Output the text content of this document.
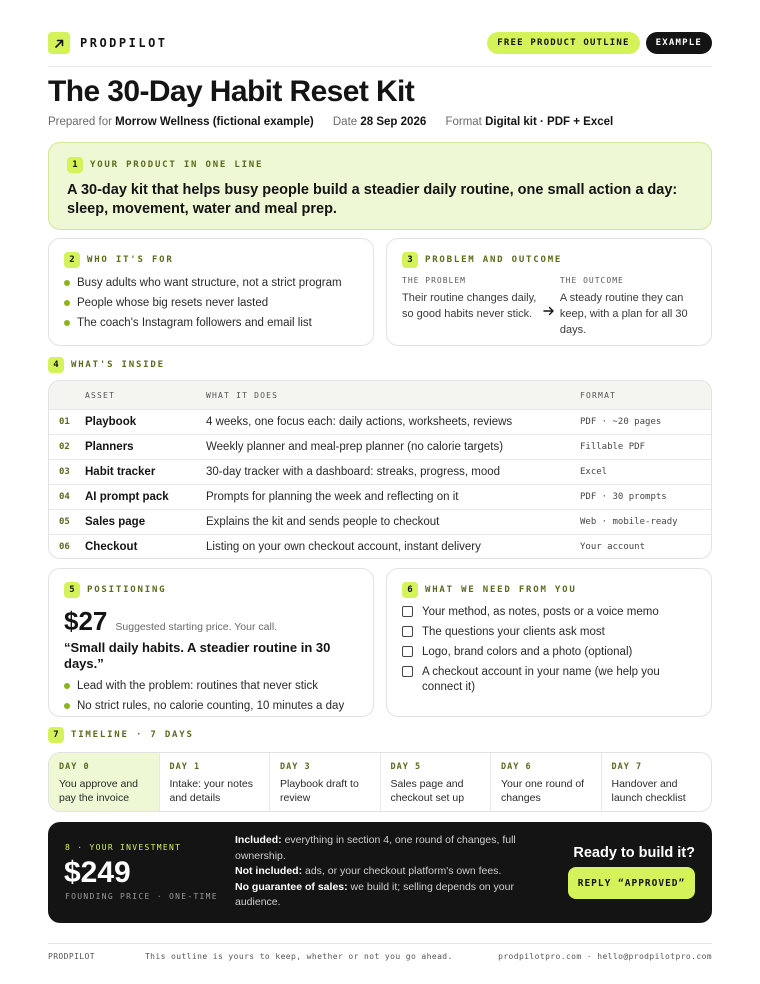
PRODPILOT	FREE PRODUCT OUTLINE	EXAMPLE
The 30-Day Habit Reset Kit
Prepared for Morrow Wellness (fictional example) Date 28 Sep 2026 Format Digital kit · PDF + Excel
1	YOUR PRODUCT IN ONE LINE

A 30-day kit that helps busy people build a steadier daily routine, one small action a day: sleep, movement, water and meal prep.

2	WHO IT'S FOR
Busy adults who want structure, not a strict program
People whose big resets never lasted
The coach's Instagram followers and email list
3	PROBLEM AND OUTCOME
THE PROBLEM
Their routine changes daily, so good habits never stick.
THE OUTCOME
A steady routine they can keep, with a plan for all 30 days.
4	WHAT'S INSIDE
ASSET	WHAT IT DOES	FORMAT
01	Playbook	4 weeks, one focus each: daily actions, worksheets, reviews	PDF · ~20 pages
02	Planners	Weekly planner and meal-prep planner (no calorie targets)	Fillable PDF
03	Habit tracker	30-day tracker with a dashboard: streaks, progress, mood	Excel
04	AI prompt pack	Prompts for planning the week and reflecting on it	PDF · 30 prompts
05	Sales page	Explains the kit and sends people to checkout	Web · mobile-ready
06	Checkout	Listing on your own checkout account, instant delivery	Your account
5	POSITIONING
$27 Suggested starting price. Your call.

“Small daily habits. A steadier routine in 30 days.”

Lead with the problem: routines that never stick
No strict rules, no calorie counting, 10 minutes a day
6	WHAT WE NEED FROM YOU
Your method, as notes, posts or a voice memo
The questions your clients ask most
Logo, brand colors and a photo (optional)
A checkout account in your name (we help you connect it)
7	TIMELINE · 7 DAYS
DAY 0
You approve and pay the invoice
DAY 1
Intake: your notes and details
DAY 3
Playbook draft to review
DAY 5
Sales page and checkout set up
DAY 6
Your one round of changes
DAY 7
Handover and launch checklist
8 · YOUR INVESTMENT
$249
FOUNDING PRICE · ONE-TIME
Included: everything in section 4, one round of changes, full ownership.
Not included: ads, or your checkout platform's own fees.
No guarantee of sales: we build it; selling depends on your audience.
Ready to build it?
REPLY “APPROVED”
PRODPILOT	This outline is yours to keep, whether or not you go ahead.	prodpilotpro.com · hello@prodpilotpro.com
